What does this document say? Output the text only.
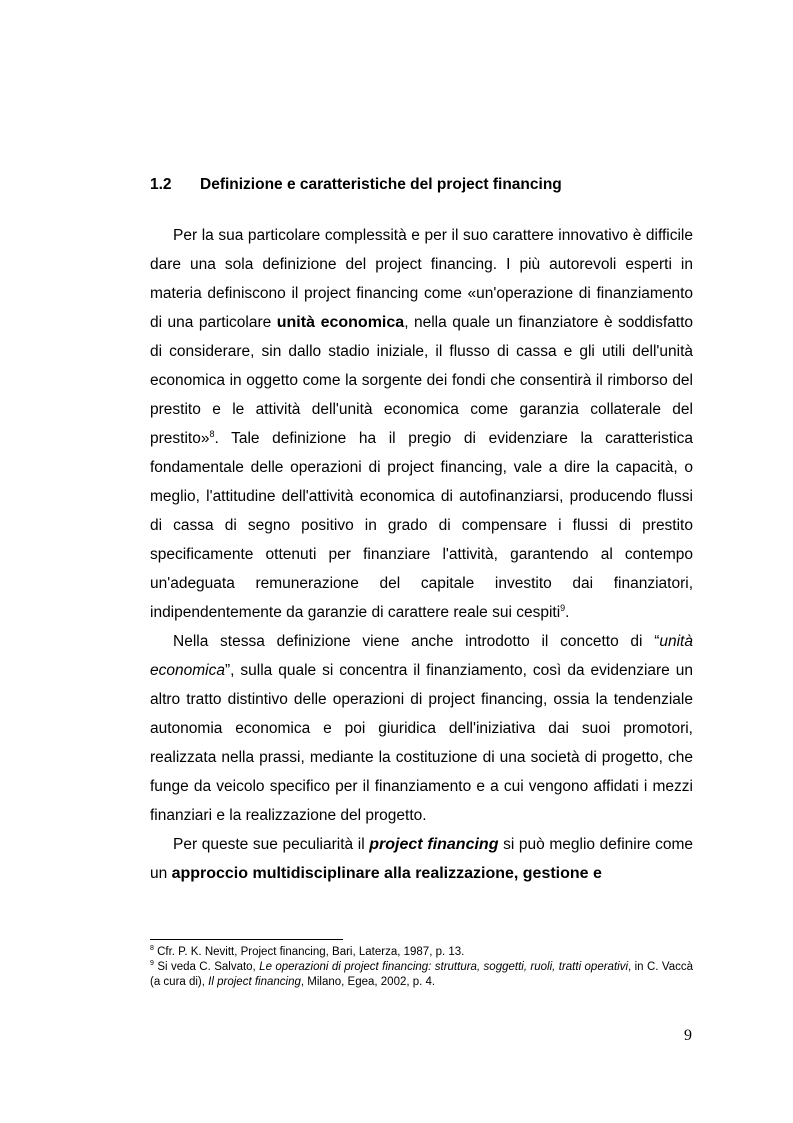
1.2 Definizione e caratteristiche del project financing

Per la sua particolare complessità e per il suo carattere innovativo è difficile dare una sola definizione del project financing. I più autorevoli esperti in materia definiscono il project financing come «un'operazione di finanziamento di una particolare unità economica, nella quale un finanziatore è soddisfatto di considerare, sin dallo stadio iniziale, il flusso di cassa e gli utili dell'unità economica in oggetto come la sorgente dei fondi che consentirà il rimborso del prestito e le attività dell'unità economica come garanzia collaterale del prestito»$^8$. Tale definizione ha il pregio di evidenziare la caratteristica fondamentale delle operazioni di project financing, vale a dire la capacità, o meglio, l'attitudine dell'attività economica di autofinanziarsi, producendo flussi di cassa di segno positivo in grado di compensare i flussi di prestito specificamente ottenuti per finanziare l'attività, garantendo al contempo un'adeguata remunerazione del capitale investito dai finanziatori, indipendentemente da garanzie di carattere reale sui cespiti$^9$.

Nella stessa definizione viene anche introdotto il concetto di “unità economica”, sulla quale si concentra il finanziamento, così da evidenziare un altro tratto distintivo delle operazioni di project financing, ossia la tendenziale autonomia economica e poi giuridica dell'iniziativa dai suoi promotori, realizzata nella prassi, mediante la costituzione di una società di progetto, che funge da veicolo specifico per il finanziamento e a cui vengono affidati i mezzi finanziari e la realizzazione del progetto.

Per queste sue peculiarità il project financing si può meglio definire come un approccio multidisciplinare alla realizzazione, gestione e

$^8$ Cfr. P. K. Nevitt, Project financing, Bari, Laterza, 1987, p. 13.

$^9$ Si veda C. Salvato, Le operazioni di project financing: struttura, soggetti, ruoli, tratti operativi, in C. Vaccà (a cura di), Il project financing, Milano, Egea, 2002, p. 4.

9
